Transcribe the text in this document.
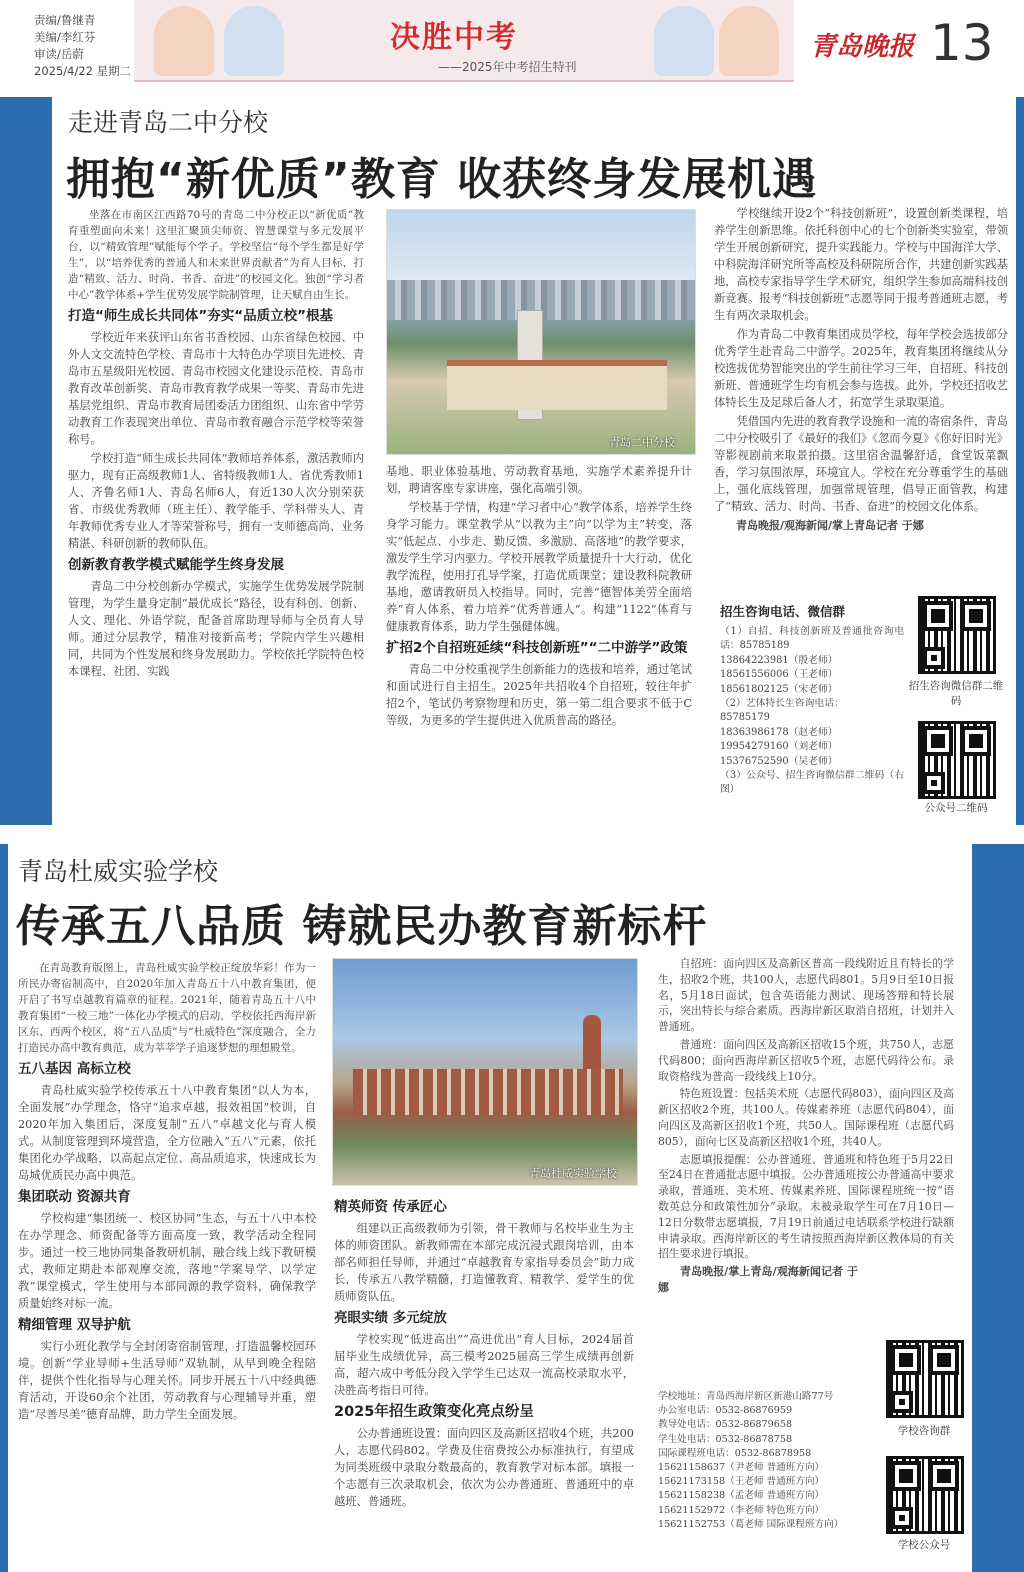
责编/鲁继青
美编/李红芬
审读/岳蔚
2025/4/22 星期二
决胜中考
——2025年中考招生特刊
青岛晚报 13
走进青岛二中分校
拥抱“新优质”教育 收获终身发展机遇

坐落在市南区江西路70号的青岛二中分校正以“新优质”教育重塑面向未来！这里汇聚顶尖师资、智慧课堂与多元发展平台，以“精致管理”赋能每个学子。学校坚信“每个学生都是好学生”，以“培养优秀的普通人和未来世界贡献者”为育人目标，打造“精致、活力、时尚、书香、奋进”的校园文化。独创“学习者中心”教学体系+学生优势发展学院制管理，让天赋自由生长。

打造“师生成长共同体”夯实“品质立校”根基

学校近年来获评山东省书香校园、山东省绿色校园、中外人文交流特色学校、青岛市十大特色办学项目先进校、青岛市五星级阳光校园、青岛市校园文化建设示范校、青岛市教育改革创新奖、青岛市教育教学成果一等奖、青岛市先进基层党组织、青岛市教育局团委活力团组织、山东省中学劳动教育工作表现突出单位、青岛市教育融合示范学校等荣誉称号。

学校打造“师生成长共同体”教师培养体系，激活教师内驱力，现有正高级教师1人、省特级教师1人、省优秀教师1人、齐鲁名师1人、青岛名师6人，有近130人次分别荣获省、市级优秀教师（班主任）、教学能手、学科带头人、青年教师优秀专业人才等荣誉称号，拥有一支师德高尚、业务精湛、科研创新的教师队伍。

创新教育教学模式赋能学生终身发展

青岛二中分校创新办学模式，实施学生优势发展学院制管理，为学生量身定制“最优成长”路径，设有科创、创新、人文、理化、外语学院，配备首席助理导师与全员育人导师。通过分层教学，精准对接新高考；学院内学生兴趣相同，共同为个性发展和终身发展助力。学校依托学院特色校本课程、社团、实践

青岛二中分校

基地、职业体验基地、劳动教育基地，实施学术素养提升计划，聘请客座专家讲座，强化高端引领。

学校基于学情，构建“学习者中心”教学体系，培养学生终身学习能力。课堂教学从“以教为主”向“以学为主”转变，落实“低起点、小步走、勤反馈、多激励、高落地”的教学要求，激发学生学习内驱力。学校开展教学质量提升十大行动，优化教学流程，使用打孔导学案，打造优质课堂；建设教科院教研基地，邀请教研员入校指导。同时，完善“德智体美劳全面培养”育人体系，着力培养“优秀普通人”。构建“1122”体育与健康教育体系，助力学生强健体魄。

扩招2个自招班延续“科技创新班”“二中游学”政策

青岛二中分校重视学生创新能力的选拔和培养，通过笔试和面试进行自主招生。2025年共招收4个自招班，较往年扩招2个，笔试仍考察物理和历史，第一第二组合要求不低于C等级，为更多的学生提供进入优质普高的路径。

学校继续开设2个“科技创新班”，设置创新类课程，培养学生创新思维。依托科创中心的七个创新类实验室，带领学生开展创新研究，提升实践能力。学校与中国海洋大学、中科院海洋研究所等高校及科研院所合作，共建创新实践基地，高校专家指导学生学术研究，组织学生参加高端科技创新竞赛。报考“科技创新班”志愿等同于报考普通班志愿，考生有两次录取机会。

作为青岛二中教育集团成员学校，每年学校会选拔部分优秀学生赴青岛二中游学。2025年，教育集团将继续从分校选拔优势智能突出的学生前往学习三年，自招班、科技创新班、普通班学生均有机会参与选拔。此外，学校还招收艺体特长生及足球后备人才，拓宽学生录取渠道。

凭借国内先进的教育教学设施和一流的寄宿条件，青岛二中分校吸引了《最好的我们》《忽而今夏》《你好旧时光》等影视剧前来取景拍摄。这里宿舍温馨舒适，食堂饭菜飘香，学习氛围浓厚，环境宜人。学校在充分尊重学生的基础上，强化底线管理，加强常规管理，倡导正面管教，构建了“精致、活力、时尚、书香、奋进”的校园文化体系。

青岛晚报/观海新闻/掌上青岛记者 于娜

招生咨询电话、微信群
（1）自招、科技创新班及普通批咨询电话：85785189
13864223981（殷老师）
18561556006（王老师）
18561802125（宋老师）
（2）艺体特长生咨询电话：
85785179
18363986178（赵老师）
19954279160（刘老师）
15376752590（吴老师）
（3）公众号、招生咨询微信群二维码（右图）
招生咨询微信群二维码
公众号二维码
青岛杜威实验学校
传承五八品质 铸就民办教育新标杆

在青岛教育版图上，青岛杜威实验学校正绽放华彩！作为一所民办寄宿制高中，自2020年加入青岛五十八中教育集团，便开启了书写卓越教育篇章的征程。2021年，随着青岛五十八中教育集团“一校三地”一体化办学模式的启动，学校依托西海岸新区东、西两个校区，将“五八品质”与“杜威特色”深度融合，全力打造民办高中教育典范，成为莘莘学子追逐梦想的理想殿堂。

五八基因 高标立校

青岛杜威实验学校传承五十八中教育集团“以人为本，全面发展”办学理念，恪守“追求卓越，报效祖国”校训，自2020年加入集团后，深度复制“五八”卓越文化与育人模式。从制度管理到环境营造，全方位融入“五八”元素，依托集团化办学战略，以高起点定位、高品质追求，快速成长为岛城优质民办高中典范。

集团联动 资源共育

学校构建“集团统一、校区协同”生态，与五十八中本校在办学理念、师资配备等方面高度一致，教学活动全程同步。通过一校三地协同集备教研机制，融合线上线下教研模式，教师定期赴本部观摩交流，落地“学案导学、以学定教”课堂模式，学生使用与本部同源的教学资料，确保教学质量始终对标一流。

精细管理 双导护航

实行小班化教学与全封闭寄宿制管理，打造温馨校园环境。创新“学业导师+生活导师”双轨制，从早到晚全程陪伴，提供个性化指导与心理关怀。同步开展五十八中经典德育活动，开设60余个社团，劳动教育与心理辅导并重，塑造“尽善尽美”德育品牌，助力学生全面发展。

青岛杜威实验学校
精英师资 传承匠心

组建以正高级教师为引领，骨干教师与名校毕业生为主体的师资团队。新教师需在本部完成沉浸式跟岗培训，由本部名师担任导师，并通过“卓越教育专家指导委员会”助力成长，传承五八教学精髓，打造懂教育、精教学、爱学生的优质师资队伍。

亮眼实绩 多元绽放

学校实现“低进高出”“高进优出”育人目标，2024届首届毕业生成绩优异，高三模考2025届高三学生成绩再创新高，超六成中考低分段入学学生已达双一流高校录取水平，决胜高考指日可待。

2025年招生政策变化亮点纷呈

公办普通班设置：面向四区及高新区招收4个班，共200人，志愿代码802。学费及住宿费按公办标准执行，有望成为同类班级中录取分数最高的，教育教学对标本部。填报一个志愿有三次录取机会，依次为公办普通班、普通班中的卓越班、普通班。

自招班：面向四区及高新区普高一段线附近且有特长的学生，招收2个班，共100人，志愿代码801。5月9日至10日报名，5月18日面试，包含英语能力测试、现场答辩和特长展示，突出特长与综合素质。西海岸新区取消自招班，计划并入普通班。

普通班：面向四区及高新区招收15个班，共750人，志愿代码800；面向西海岸新区招收5个班，志愿代码待公布。录取资格线为普高一段线线上10分。

特色班设置：包括美术班（志愿代码803），面向四区及高新区招收2个班，共100人。传媒素养班（志愿代码804），面向四区及高新区招收1个班，共50人。国际课程班（志愿代码805），面向七区及高新区招收1个班，共40人。

志愿填报提醒：公办普通班、普通班和特色班于5月22日至24日在普通批志愿中填报。公办普通班按公办普通高中要求录取，普通班、美术班、传媒素养班、国际课程班统一按“语数英总分和政策性加分”录取。未被录取学生可在7月10日—12日分数带志愿填报，7月19日前通过电话联系学校进行缺额申请录取。西海岸新区的考生请按照西海岸新区教体局的有关招生要求进行填报。

青岛晚报/掌上青岛/观海新闻记者 于娜

学校地址：青岛西海岸新区新港山路77号
办公室电话：0532-86876959
教导处电话：0532-86879658
学生处电话：0532-86878758
国际课程班电话：0532-86878958
15621158637（尹老师 普通班方向）
15621173158（王老师 普通班方向）
15621158238（孟老师 普通班方向）
15621152972（李老师 特色班方向）
15621152753（葛老师 国际课程班方向）
学校咨询群
学校公众号
